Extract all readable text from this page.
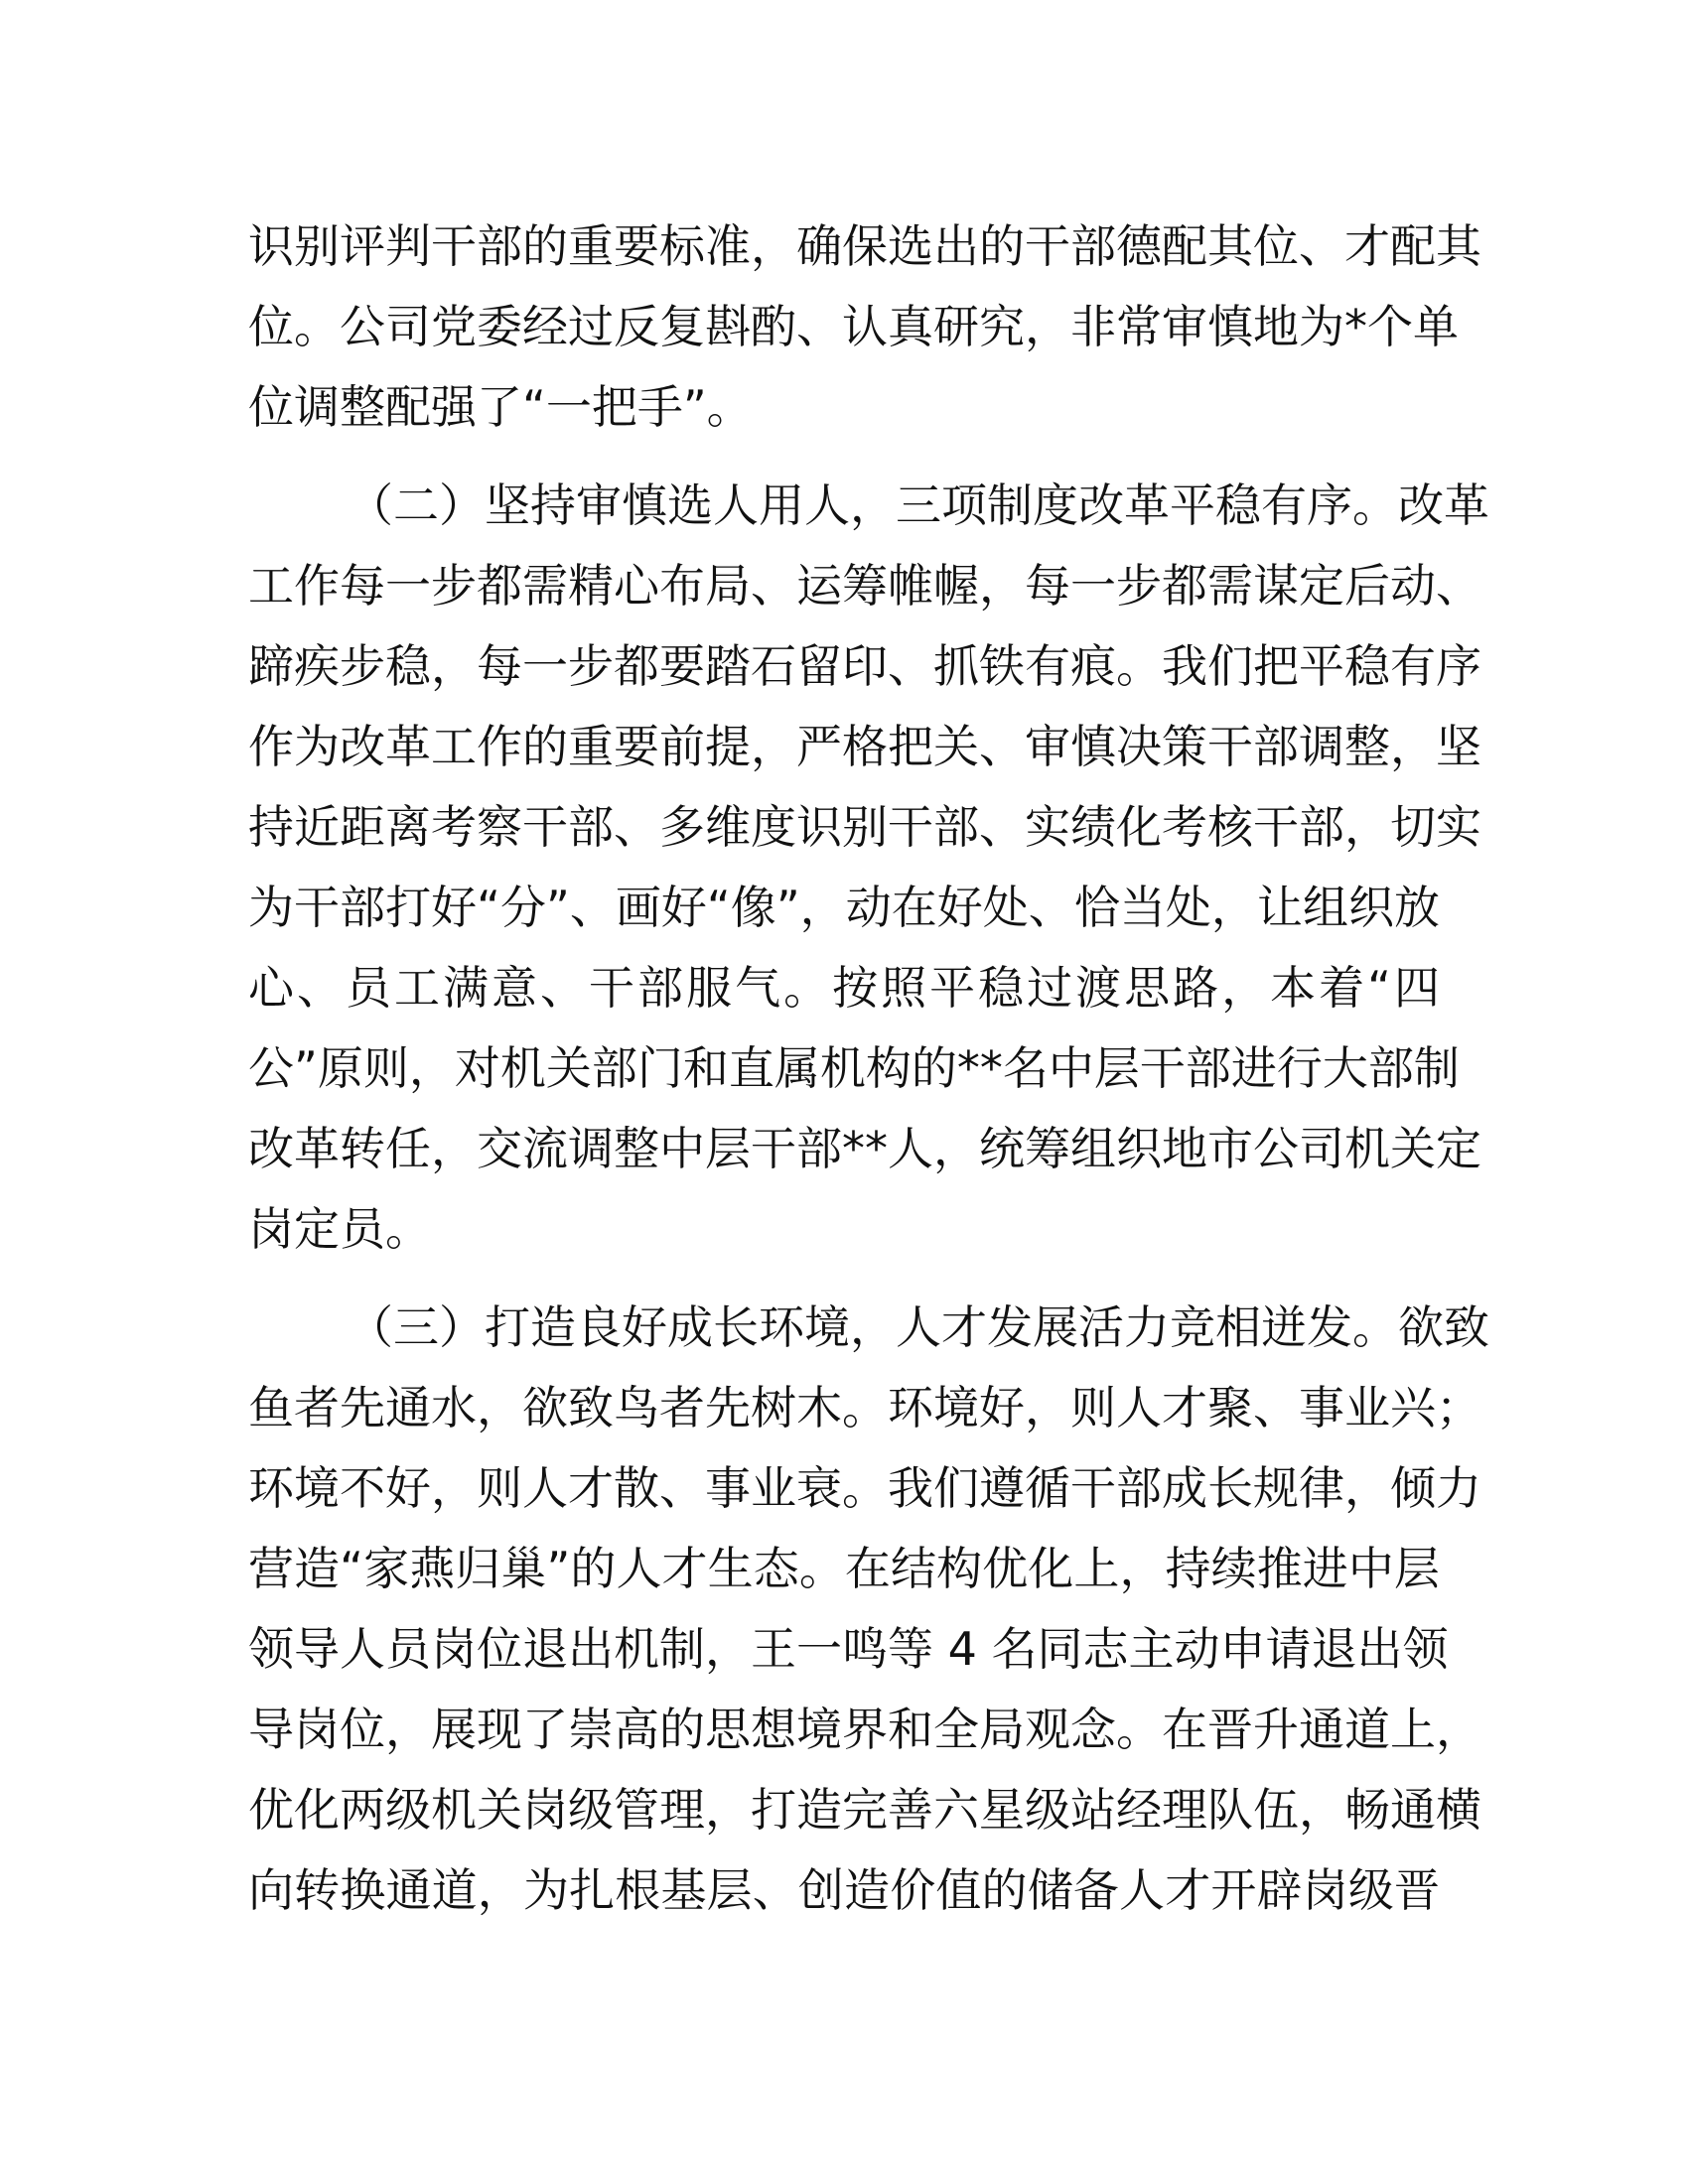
识别评判干部的重要标准，确保选出的干部德配其位、才配其
位。公司党委经过反复斟酌、认真研究，非常审慎地为*个单
位调整配强了“一把手”。
（二）坚持审慎选人用人，三项制度改革平稳有序。改革
工作每一步都需精心布局、运筹帷幄，每一步都需谋定后动、
蹄疾步稳，每一步都要踏石留印、抓铁有痕。我们把平稳有序
作为改革工作的重要前提，严格把关、审慎决策干部调整，坚
持近距离考察干部、多维度识别干部、实绩化考核干部，切实
为干部打好“分”、画好“像”，动在好处、恰当处，让组织放
心、员工满意、干部服气。按照平稳过渡思路，本着“四
公”原则，对机关部门和直属机构的**名中层干部进行大部制
改革转任，交流调整中层干部**人，统筹组织地市公司机关定
岗定员。
（三）打造良好成长环境，人才发展活力竞相迸发。欲致
鱼者先通水，欲致鸟者先树木。环境好，则人才聚、事业兴；
环境不好，则人才散、事业衰。我们遵循干部成长规律，倾力
营造“家燕归巢”的人才生态。在结构优化上，持续推进中层
领导人员岗位退出机制，王一鸣等 4 名同志主动申请退出领
导岗位，展现了崇高的思想境界和全局观念。在晋升通道上，
优化两级机关岗级管理，打造完善六星级站经理队伍，畅通横
向转换通道，为扎根基层、创造价值的储备人才开辟岗级晋
